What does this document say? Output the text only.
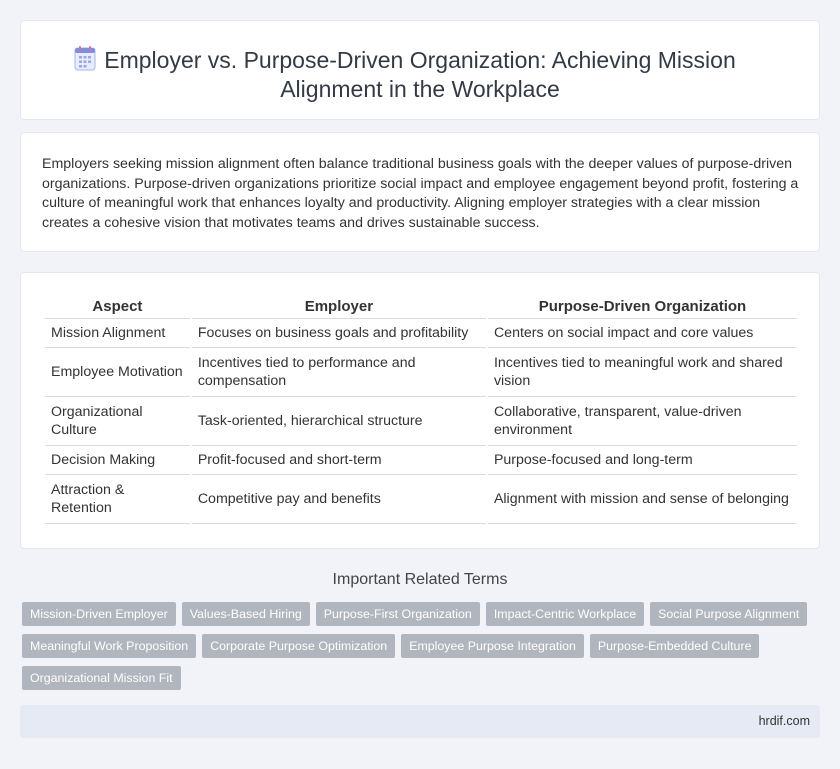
Employer vs. Purpose-Driven Organization: Achieving Mission Alignment in the Workplace

Employers seeking mission alignment often balance traditional business goals with the deeper values of purpose-driven organizations. Purpose-driven organizations prioritize social impact and employee engagement beyond profit, fostering a culture of meaningful work that enhances loyalty and productivity. Aligning employer strategies with a clear mission creates a cohesive vision that motivates teams and drives sustainable success.

Aspect	Employer	Purpose-Driven Organization
Mission Alignment	Focuses on business goals and profitability	Centers on social impact and core values
Employee Motivation	Incentives tied to performance and compensation	Incentives tied to meaningful work and shared vision
Organizational Culture	Task-oriented, hierarchical structure	Collaborative, transparent, value-driven environment
Decision Making	Profit-focused and short-term	Purpose-focused and long-term
Attraction & Retention	Competitive pay and benefits	Alignment with mission and sense of belonging
Important Related Terms
Mission-Driven Employer	Values-Based Hiring	Purpose-First Organization	Impact-Centric Workplace	Social Purpose Alignment
Meaningful Work Proposition	Corporate Purpose Optimization	Employee Purpose Integration	Purpose-Embedded Culture
Organizational Mission Fit
hrdif.com
